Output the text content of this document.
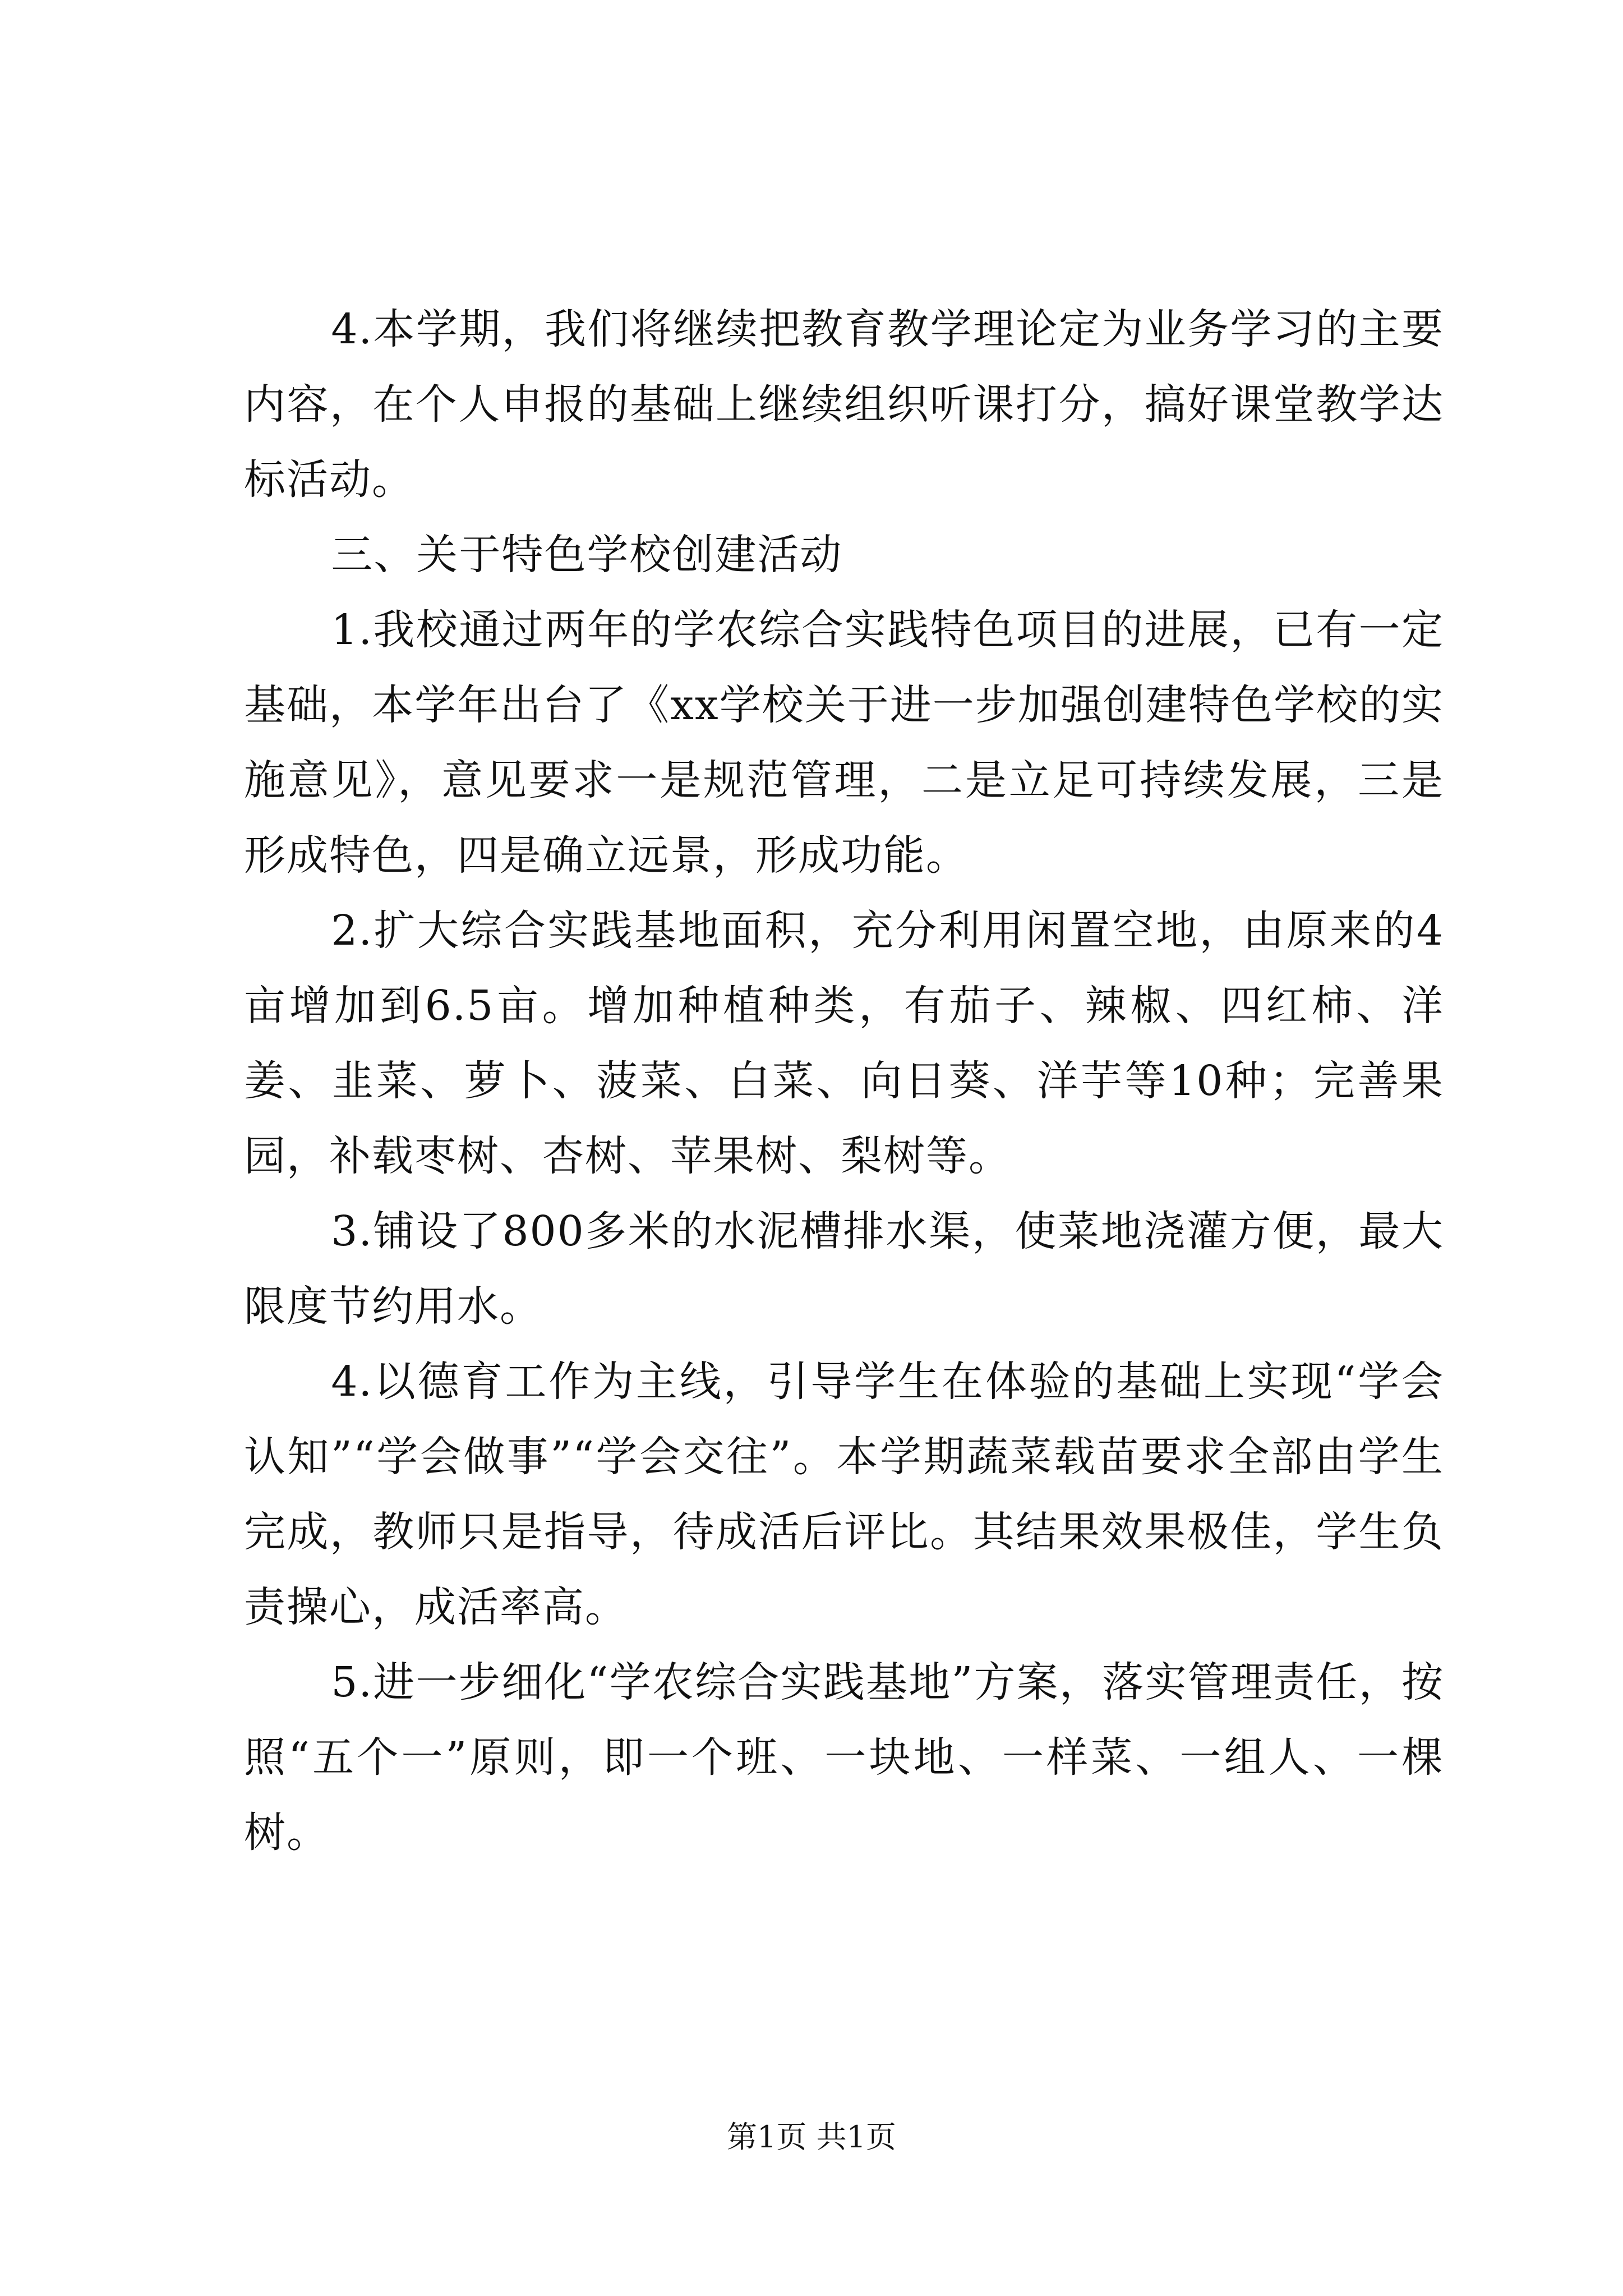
4.本学期，我们将继续把教育教学理论定为业务学习的主要内容，在个人申报的基础上继续组织听课打分，搞好课堂教学达标活动。

三、关于特色学校创建活动

1.我校通过两年的学农综合实践特色项目的进展，已有一定基础，本学年出台了《xx学校关于进一步加强创建特色学校的实施意见》，意见要求一是规范管理，二是立足可持续发展，三是形成特色，四是确立远景，形成功能。

2.扩大综合实践基地面积，充分利用闲置空地，由原来的4亩增加到6.5亩。增加种植种类，有茄子、辣椒、四红柿、洋姜、韭菜、萝卜、菠菜、白菜、向日葵、洋芋等10种；完善果园，补载枣树、杏树、苹果树、梨树等。

3.铺设了800多米的水泥槽排水渠，使菜地浇灌方便，最大限度节约用水。

4.以德育工作为主线，引导学生在体验的基础上实现“学会认知”“学会做事”“学会交往”。本学期蔬菜载苗要求全部由学生完成，教师只是指导，待成活后评比。其结果效果极佳，学生负责操心，成活率高。

5.进一步细化“学农综合实践基地”方案，落实管理责任，按照“五个一”原则，即一个班、一块地、一样菜、一组人、一棵树。

第1页 共1页
